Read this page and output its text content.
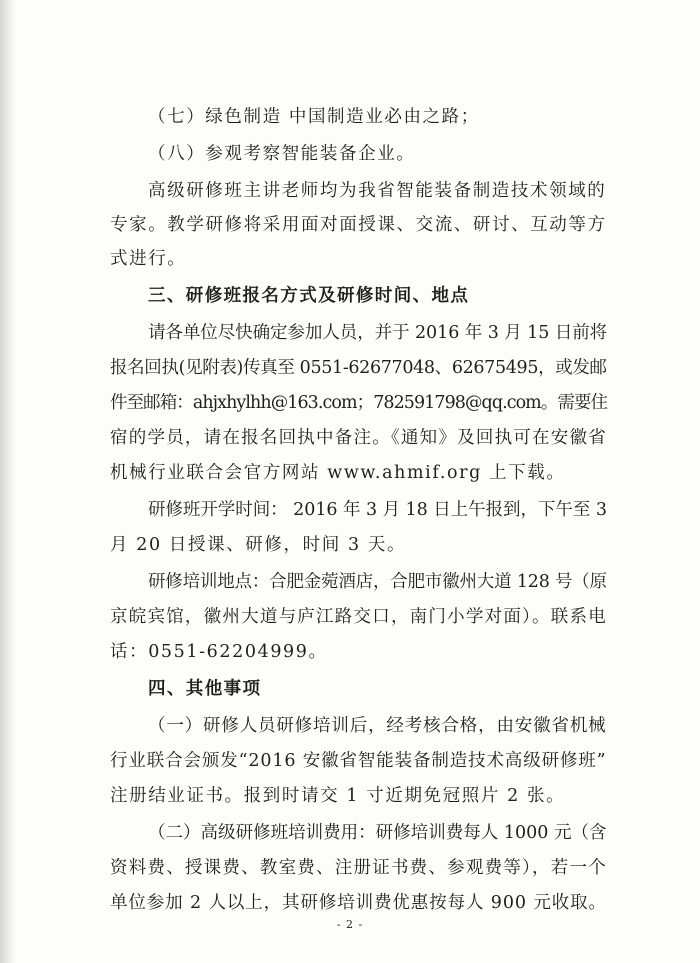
（七）绿色制造 中国制造业必由之路；
（八）参观考察智能装备企业。
高级研修班主讲老师均为我省智能装备制造技术领域的
专家。教学研修将采用面对面授课、交流、研讨、互动等方
式进行。
三、研修班报名方式及研修时间、地点
请各单位尽快确定参加人员，并于 2016 年 3 月 15 日前将
报名回执(见附表)传真至 0551-62677048、62675495，或发邮
件至邮箱：ahjxhylhh@163.com；782591798@qq.com。需要住
宿的学员，请在报名回执中备注。《通知》及回执可在安徽省
机械行业联合会官方网站 www.ahmif.org 上下载。
研修班开学时间： 2016 年 3 月 18 日上午报到，下午至 3
月 20 日授课、研修，时间 3 天。
研修培训地点：合肥金菀酒店，合肥市徽州大道 128 号（原
京皖宾馆，徽州大道与庐江路交口，南门小学对面）。联系电
话：0551-62204999。
四、其他事项
（一）研修人员研修培训后，经考核合格，由安徽省机械
行业联合会颁发“2016 安徽省智能装备制造技术高级研修班”
注册结业证书。报到时请交 1 寸近期免冠照片 2 张。
（二）高级研修班培训费用：研修培训费每人 1000 元（含
资料费、授课费、教室费、注册证书费、参观费等），若一个
单位参加 2 人以上，其研修培训费优惠按每人 900 元收取。
- 2 -
